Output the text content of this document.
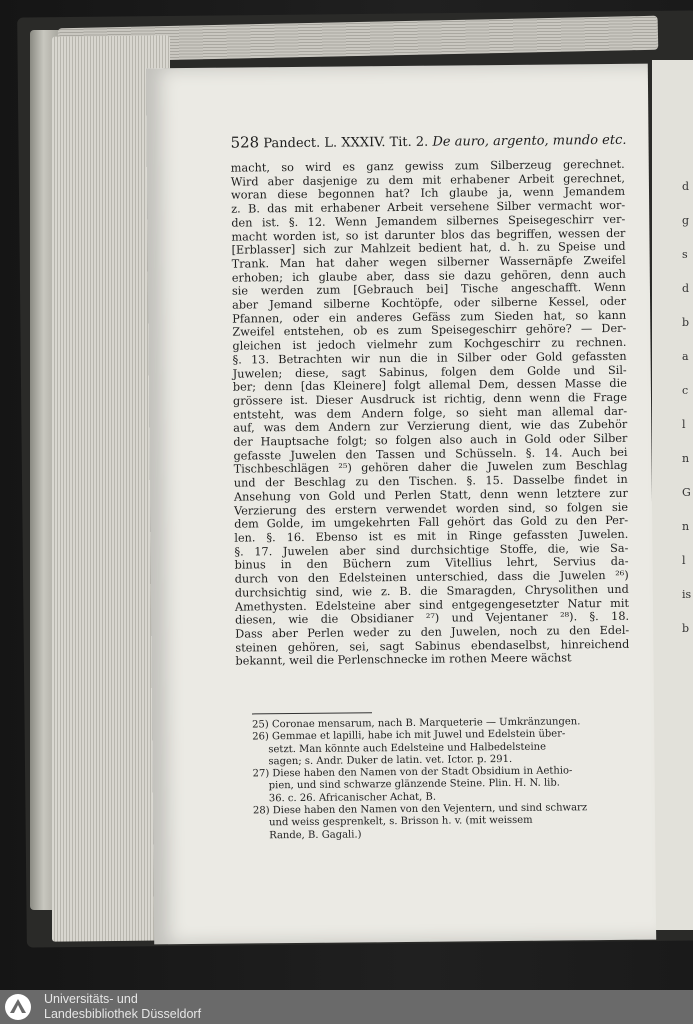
d
g
s
d
b
a
c
l
n
G
n
l
is
b
528 Pandect. L. XXXIV. Tit. 2. De auro, argento, mundo etc.
macht, so wird es ganz gewiss zum Silberzeug gerechnet.
Wird aber dasjenige zu dem mit erhabener Arbeit gerechnet,
woran diese begonnen hat? Ich glaube ja, wenn Jemandem
z. B. das mit erhabener Arbeit versehene Silber vermacht wor-
den ist. §. 12. Wenn Jemandem silbernes Speisegeschirr ver-
macht worden ist, so ist darunter blos das begriffen, wessen der
[Erblasser] sich zur Mahlzeit bedient hat, d. h. zu Speise und
Trank. Man hat daher wegen silberner Wassernäpfe Zweifel
erhoben; ich glaube aber, dass sie dazu gehören, denn auch
sie werden zum [Gebrauch bei] Tische angeschafft. Wenn
aber Jemand silberne Kochtöpfe, oder silberne Kessel, oder
Pfannen, oder ein anderes Gefäss zum Sieden hat, so kann
Zweifel entstehen, ob es zum Speisegeschirr gehöre? — Der-
gleichen ist jedoch vielmehr zum Kochgeschirr zu rechnen.
§. 13. Betrachten wir nun die in Silber oder Gold gefassten
Juwelen; diese, sagt Sabinus, folgen dem Golde und Sil-
ber; denn [das Kleinere] folgt allemal Dem, dessen Masse die
grössere ist. Dieser Ausdruck ist richtig, denn wenn die Frage
entsteht, was dem Andern folge, so sieht man allemal dar-
auf, was dem Andern zur Verzierung dient, wie das Zubehör
der Hauptsache folgt; so folgen also auch in Gold oder Silber
gefasste Juwelen den Tassen und Schüsseln. §. 14. Auch bei
Tischbeschlägen ²⁵) gehören daher die Juwelen zum Beschlag
und der Beschlag zu den Tischen. §. 15. Dasselbe findet in
Ansehung von Gold und Perlen Statt, denn wenn letztere zur
Verzierung des erstern verwendet worden sind, so folgen sie
dem Golde, im umgekehrten Fall gehört das Gold zu den Per-
len. §. 16. Ebenso ist es mit in Ringe gefassten Juwelen.
§. 17. Juwelen aber sind durchsichtige Stoffe, die, wie Sa-
binus in den Büchern zum Vitellius lehrt, Servius da-
durch von den Edelsteinen unterschied, dass die Juwelen ²⁶)
durchsichtig sind, wie z. B. die Smaragden, Chrysolithen und
Amethysten. Edelsteine aber sind entgegengesetzter Natur mit
diesen, wie die Obsidianer ²⁷) und Vejentaner ²⁸). §. 18.
Dass aber Perlen weder zu den Juwelen, noch zu den Edel-
steinen gehören, sei, sagt Sabinus ebendaselbst, hinreichend
bekannt, weil die Perlenschnecke im rothen Meere wächst
25) Coronae mensarum, nach B. Marqueterie — Umkränzungen.
26) Gemmae et lapilli, habe ich mit Juwel und Edelstein über-
setzt. Man könnte auch Edelsteine und Halbedelsteine
sagen; s. Andr. Duker de latin. vet. Ictor. p. 291.
27) Diese haben den Namen von der Stadt Obsidium in Aethio-
pien, und sind schwarze glänzende Steine. Plin. H. N. lib.
36. c. 26. Africanischer Achat, B.
28) Diese haben den Namen von den Vejentern, und sind schwarz
und weiss gesprenkelt, s. Brisson h. v. (mit weissem
Rande, B. Gagali.)
Universitäts- und
Landesbibliothek Düsseldorf
